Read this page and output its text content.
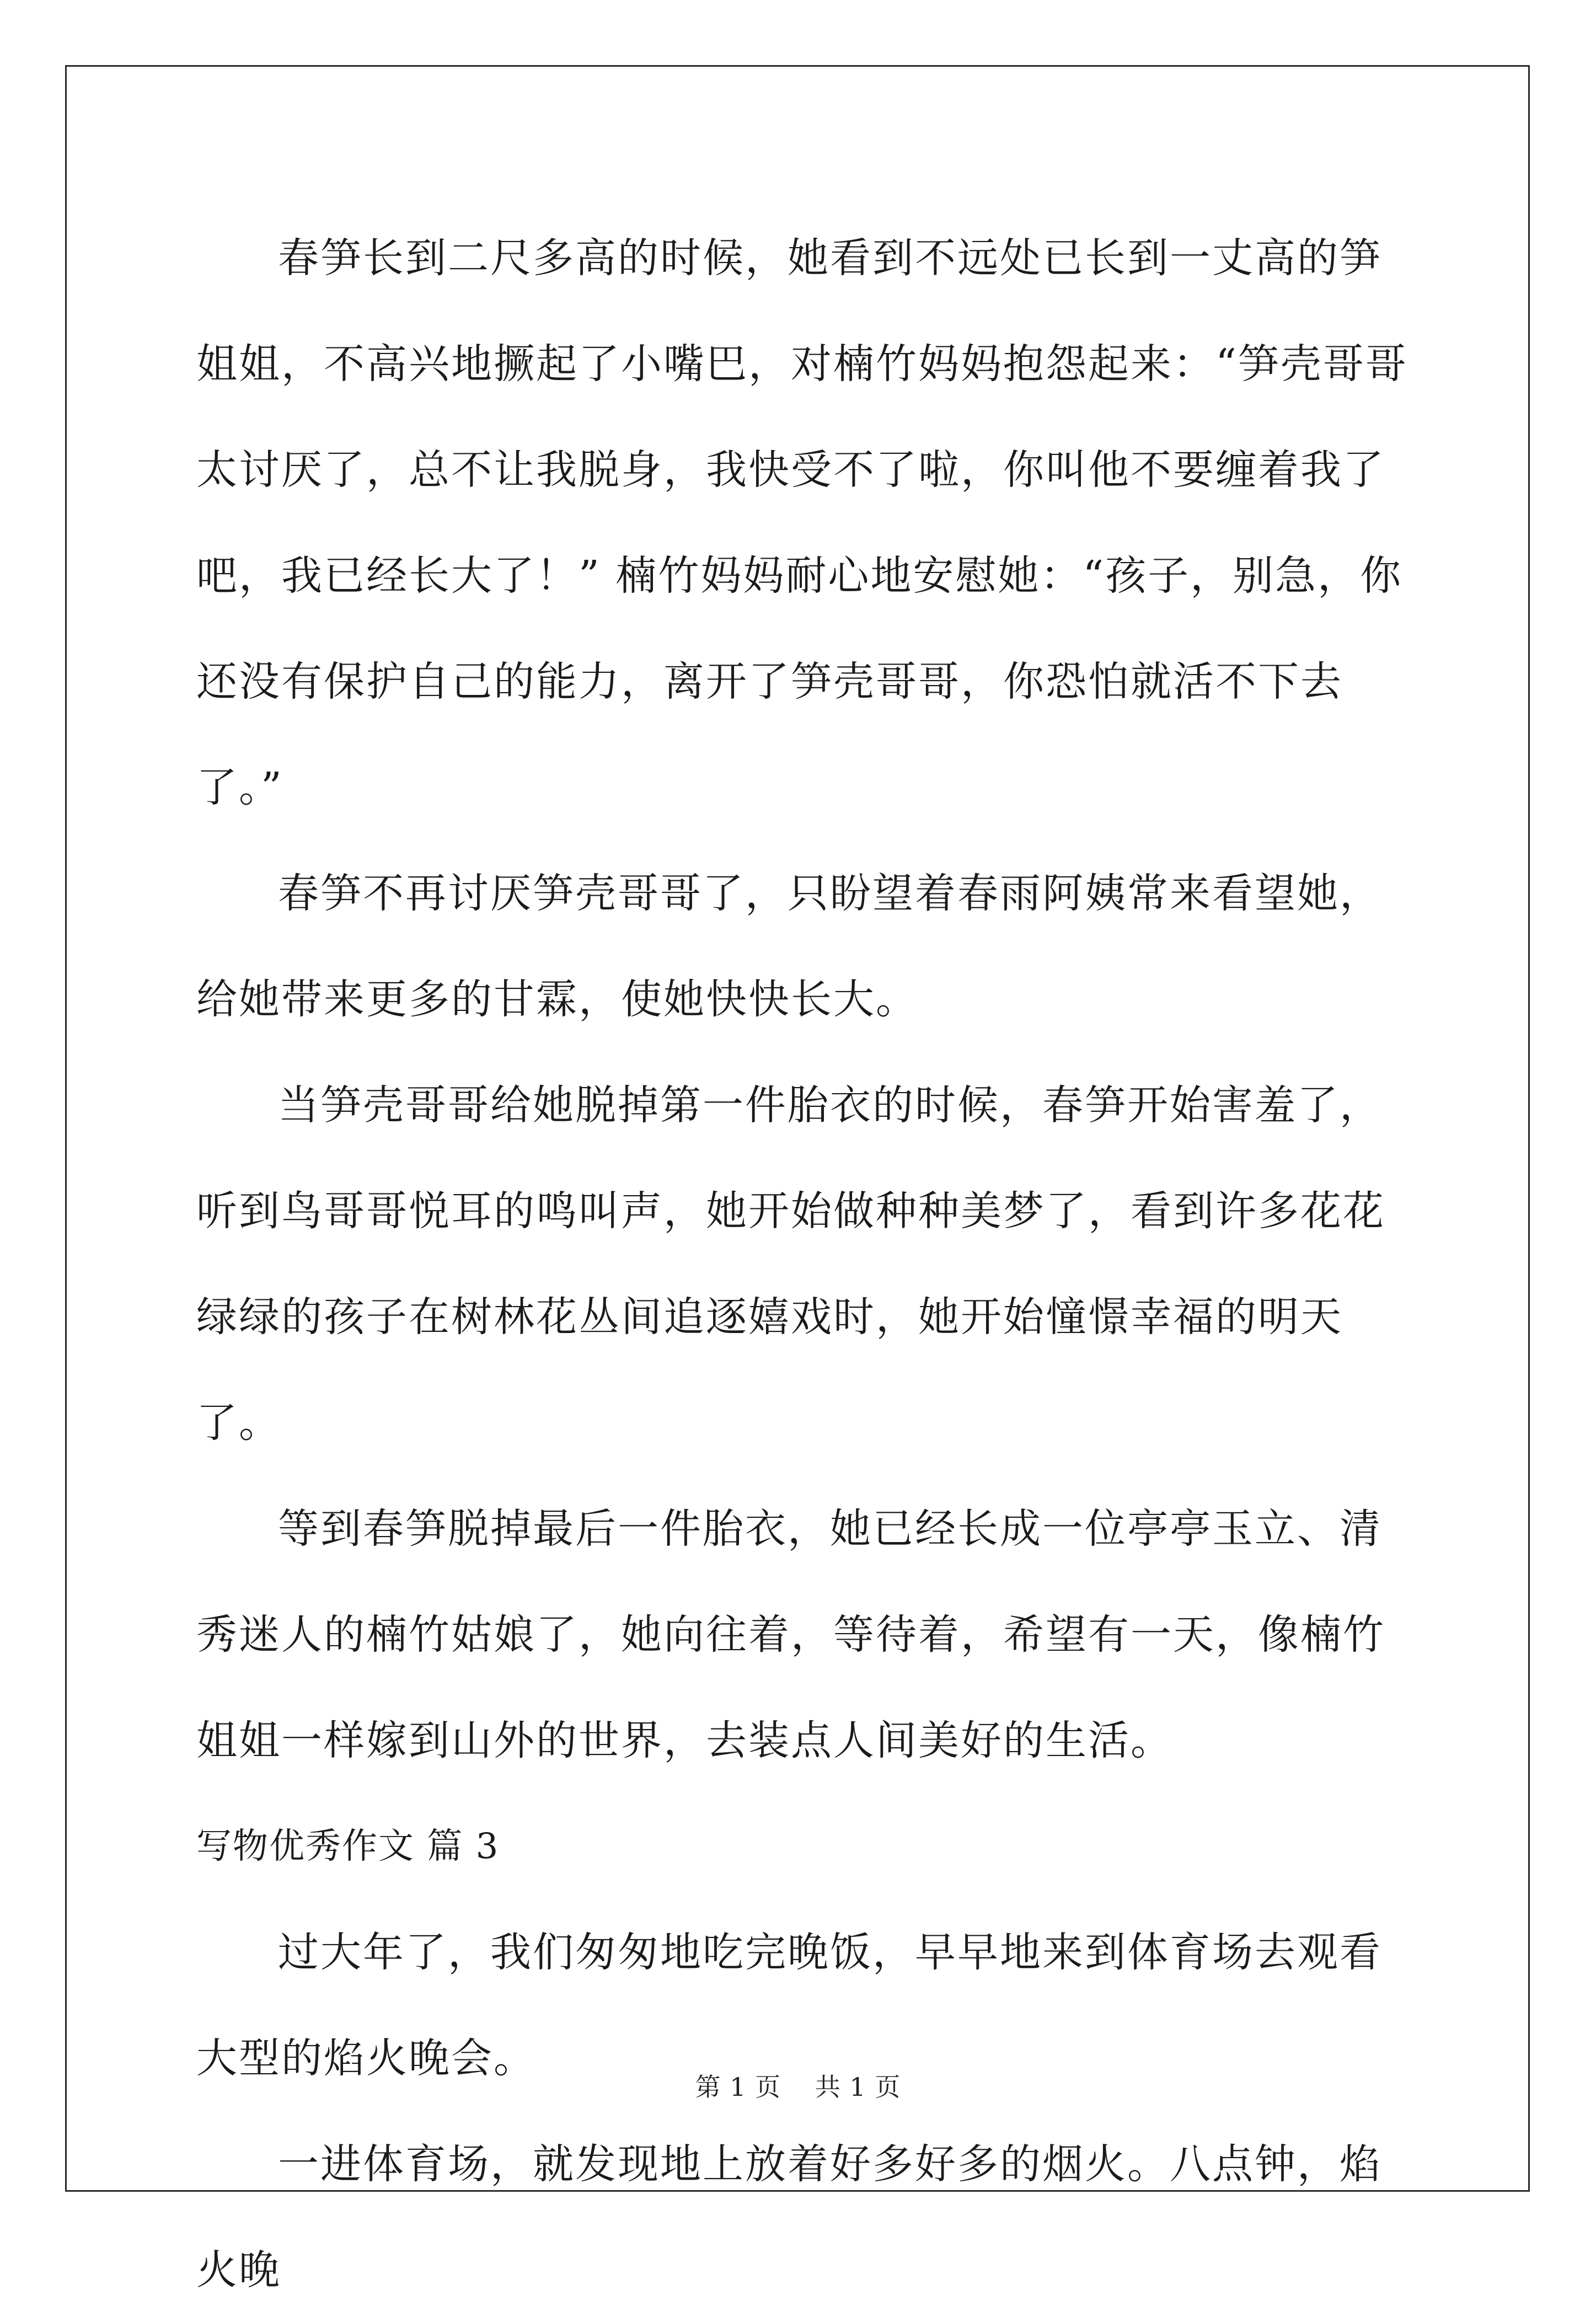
春笋长到二尺多高的时候，她看到不远处已长到一丈高的笋姐姐，不高兴地撅起了小嘴巴，对楠竹妈妈抱怨起来：“笋壳哥哥太讨厌了，总不让我脱身，我快受不了啦，你叫他不要缠着我了吧，我已经长大了！” 楠竹妈妈耐心地安慰她：“孩子，别急，你还没有保护自己的能力，离开了笋壳哥哥，你恐怕就活不下去了。”

春笋不再讨厌笋壳哥哥了，只盼望着春雨阿姨常来看望她，给她带来更多的甘霖，使她快快长大。

当笋壳哥哥给她脱掉第一件胎衣的时候，春笋开始害羞了，听到鸟哥哥悦耳的鸣叫声，她开始做种种美梦了，看到许多花花绿绿的孩子在树林花丛间追逐嬉戏时，她开始憧憬幸福的明天了。

等到春笋脱掉最后一件胎衣，她已经长成一位亭亭玉立、清秀迷人的楠竹姑娘了，她向往着，等待着，希望有一天，像楠竹姐姐一样嫁到山外的世界，去装点人间美好的生活。

写物优秀作文 篇 3

过大年了，我们匆匆地吃完晚饭，早早地来到体育场去观看大型的焰火晚会。

一进体育场，就发现地上放着好多好多的烟火。八点钟，焰火晚

第 1 页 共 1 页
